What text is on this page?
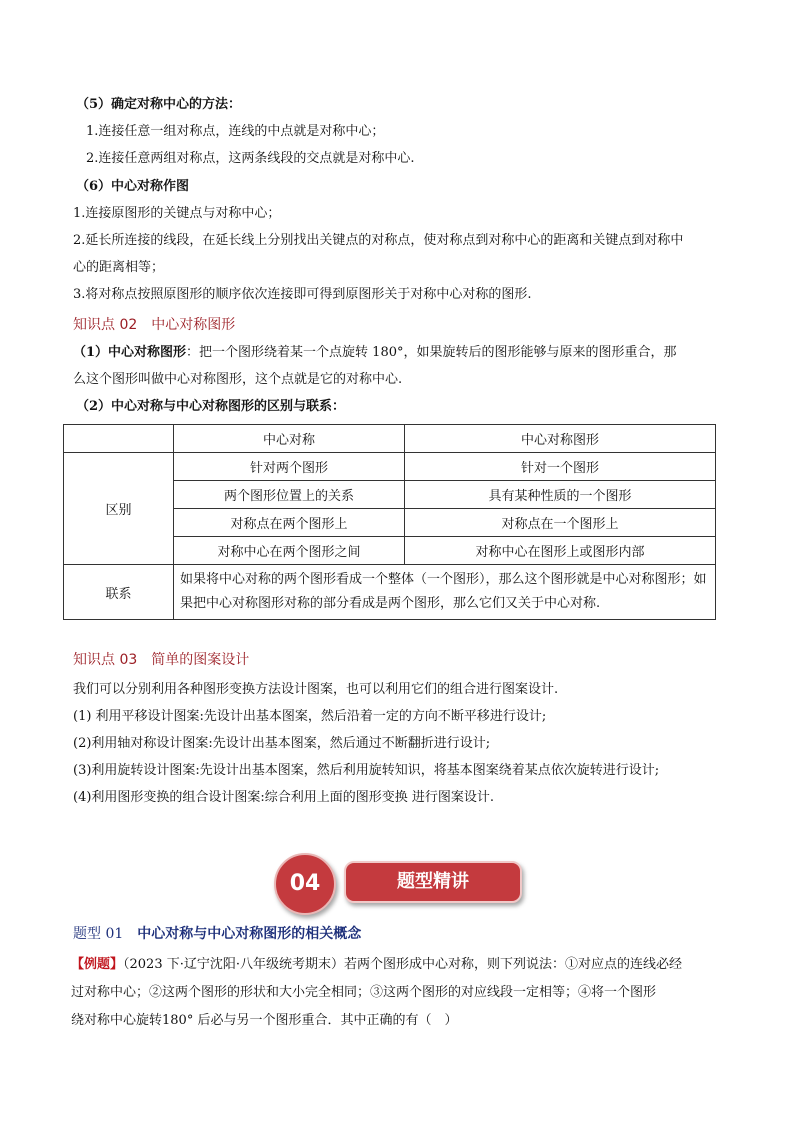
（5）确定对称中心的方法：
1.连接任意一组对称点，连线的中点就是对称中心；
2.连接任意两组对称点，这两条线段的交点就是对称中心.
（6）中心对称作图
1.连接原图形的关键点与对称中心；
2.延长所连接的线段，在延长线上分别找出关键点的对称点，使对称点到对称中心的距离和关键点到对称中
心的距离相等；
3.将对称点按照原图形的顺序依次连接即可得到原图形关于对称中心对称的图形.
知识点 02 中心对称图形
（1）中心对称图形：把一个图形绕着某一个点旋转 180°，如果旋转后的图形能够与原来的图形重合，那
么这个图形叫做中心对称图形，这个点就是它的对称中心.
（2）中心对称与中心对称图形的区别与联系：
	中心对称	中心对称图形
区别	针对两个图形	针对一个图形
	两个图形位置上的关系	具有某种性质的一个图形
	对称点在两个图形上	对称点在一个图形上
	对称中心在两个图形之间	对称中心在图形上或图形内部
联系	如果将中心对称的两个图形看成一个整体（一个图形），那么这个图形就是中心对称图形；如果把中心对称图形对称的部分看成是两个图形，那么它们又关于中心对称.	
知识点 03 简单的图案设计
我们可以分别利用各种图形变换方法设计图案，也可以利用它们的组合进行图案设计.
(1) 利用平移设计图案:先设计出基本图案，然后沿着一定的方向不断平移进行设计;
(2)利用轴对称设计图案:先设计出基本图案，然后通过不断翻折进行设计;
(3)利用旋转设计图案:先设计出基本图案，然后利用旋转知识，将基本图案绕着某点依次旋转进行设计;
(4)利用图形变换的组合设计图案:综合利用上面的图形变换 进行图案设计.
04	题型精讲
题型 01 中心对称与中心对称图形的相关概念
【例题】（2023 下·辽宁沈阳·八年级统考期末）若两个图形成中心对称，则下列说法：①对应点的连线必经
过对称中心；②这两个图形的形状和大小完全相同；③这两个图形的对应线段一定相等；④将一个图形
绕对称中心旋转180° 后必与另一个图形重合．其中正确的有（　）
